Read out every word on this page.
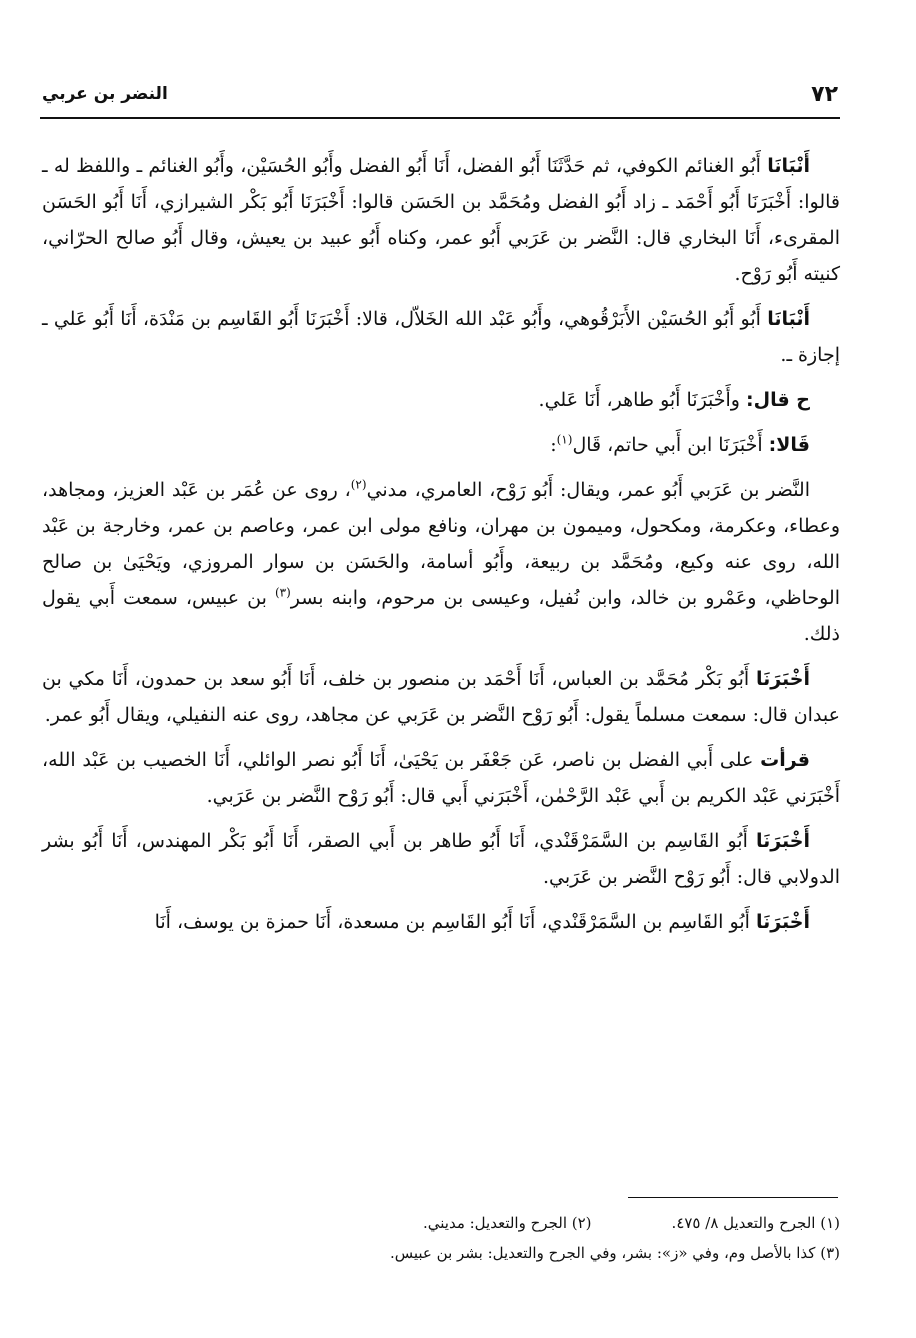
٧٢
النضر بن عربي

أَنْبَانَا أَبُو الغنائم الكوفي، ثم حَدَّثَنَا أَبُو الفضل، أَنَا أَبُو الفضل وأَبُو الحُسَيْن، وأَبُو الغنائم ـ واللفظ له ـ قالوا: أَخْبَرَنَا أَبُو أَحْمَد ـ زاد أَبُو الفضل ومُحَمَّد بن الحَسَن قالوا: أَخْبَرَنَا أَبُو بَكْر الشيرازي، أَنَا أَبُو الحَسَن المقرىء، أَنَا البخاري قال: النَّضر بن عَرَبي أَبُو عمر، وكناه أَبُو عبيد بن يعيش، وقال أَبُو صالح الحرّاني، كنيته أَبُو رَوْح.

أَنْبَانَا أَبُو أَبُو الحُسَيْن الأَبَرْقُوهي، وأَبُو عَبْد الله الخَلاّل، قالا: أَخْبَرَنَا أَبُو القَاسِم بن مَنْدَة، أَنَا أَبُو عَلي ـ إجازة ـ.

ح قال: وأَخْبَرَنَا أَبُو طاهر، أَنَا عَلي.

قَالا: أَخْبَرَنَا ابن أَبي حاتم، قَال$^{(١)}$:

النَّضر بن عَرَبي أَبُو عمر، ويقال: أَبُو رَوْح، العامري، مدني$^{(٢)}$، روى عن عُمَر بن عَبْد العزيز، ومجاهد، وعطاء، وعكرمة، ومكحول، وميمون بن مهران، ونافع مولى ابن عمر، وعاصم بن عمر، وخارجة بن عَبْد الله، روى عنه وكيع، ومُحَمَّد بن ربيعة، وأَبُو أسامة، والحَسَن بن سوار المروزي، ويَحْيَىٰ بن صالح الوحاظي، وعَمْرو بن خالد، وابن نُفيل، وعيسى بن مرحوم، وابنه بسر$^{(٣)}$ بن عبيس، سمعت أَبي يقول ذلك.

أَخْبَرَنَا أَبُو بَكْر مُحَمَّد بن العباس، أَنَا أَحْمَد بن منصور بن خلف، أَنَا أَبُو سعد بن حمدون، أَنَا مكي بن عبدان قال: سمعت مسلماً يقول: أَبُو رَوْح النَّضر بن عَرَبي عن مجاهد، روى عنه النفيلي، ويقال أَبُو عمر.

قرأت على أَبي الفضل بن ناصر، عَن جَعْفَر بن يَحْيَىٰ، أَنَا أَبُو نصر الوائلي، أَنَا الخصيب بن عَبْد الله، أَخْبَرَني عَبْد الكريم بن أَبي عَبْد الرَّحْمٰن، أَخْبَرَني أَبي قال: أَبُو رَوْح النَّضر بن عَرَبي.

أَخْبَرَنَا أَبُو القَاسِم بن السَّمَرْقَنْدي، أَنَا أَبُو طاهر بن أَبي الصقر، أَنَا أَبُو بَكْر المهندس، أَنَا أَبُو بشر الدولابي قال: أَبُو رَوْح النَّضر بن عَرَبي.

أَخْبَرَنَا أَبُو القَاسِم بن السَّمَرْقَنْدي، أَنَا أَبُو القَاسِم بن مسعدة، أَنَا حمزة بن يوسف، أَنَا

(١) الجرح والتعديل ٨/ ٤٧٥.
(٢) الجرح والتعديل: مديني.
(٣) كذا بالأصل وم، وفي «ز»: بشر، وفي الجرح والتعديل: بشر بن عبيس.
